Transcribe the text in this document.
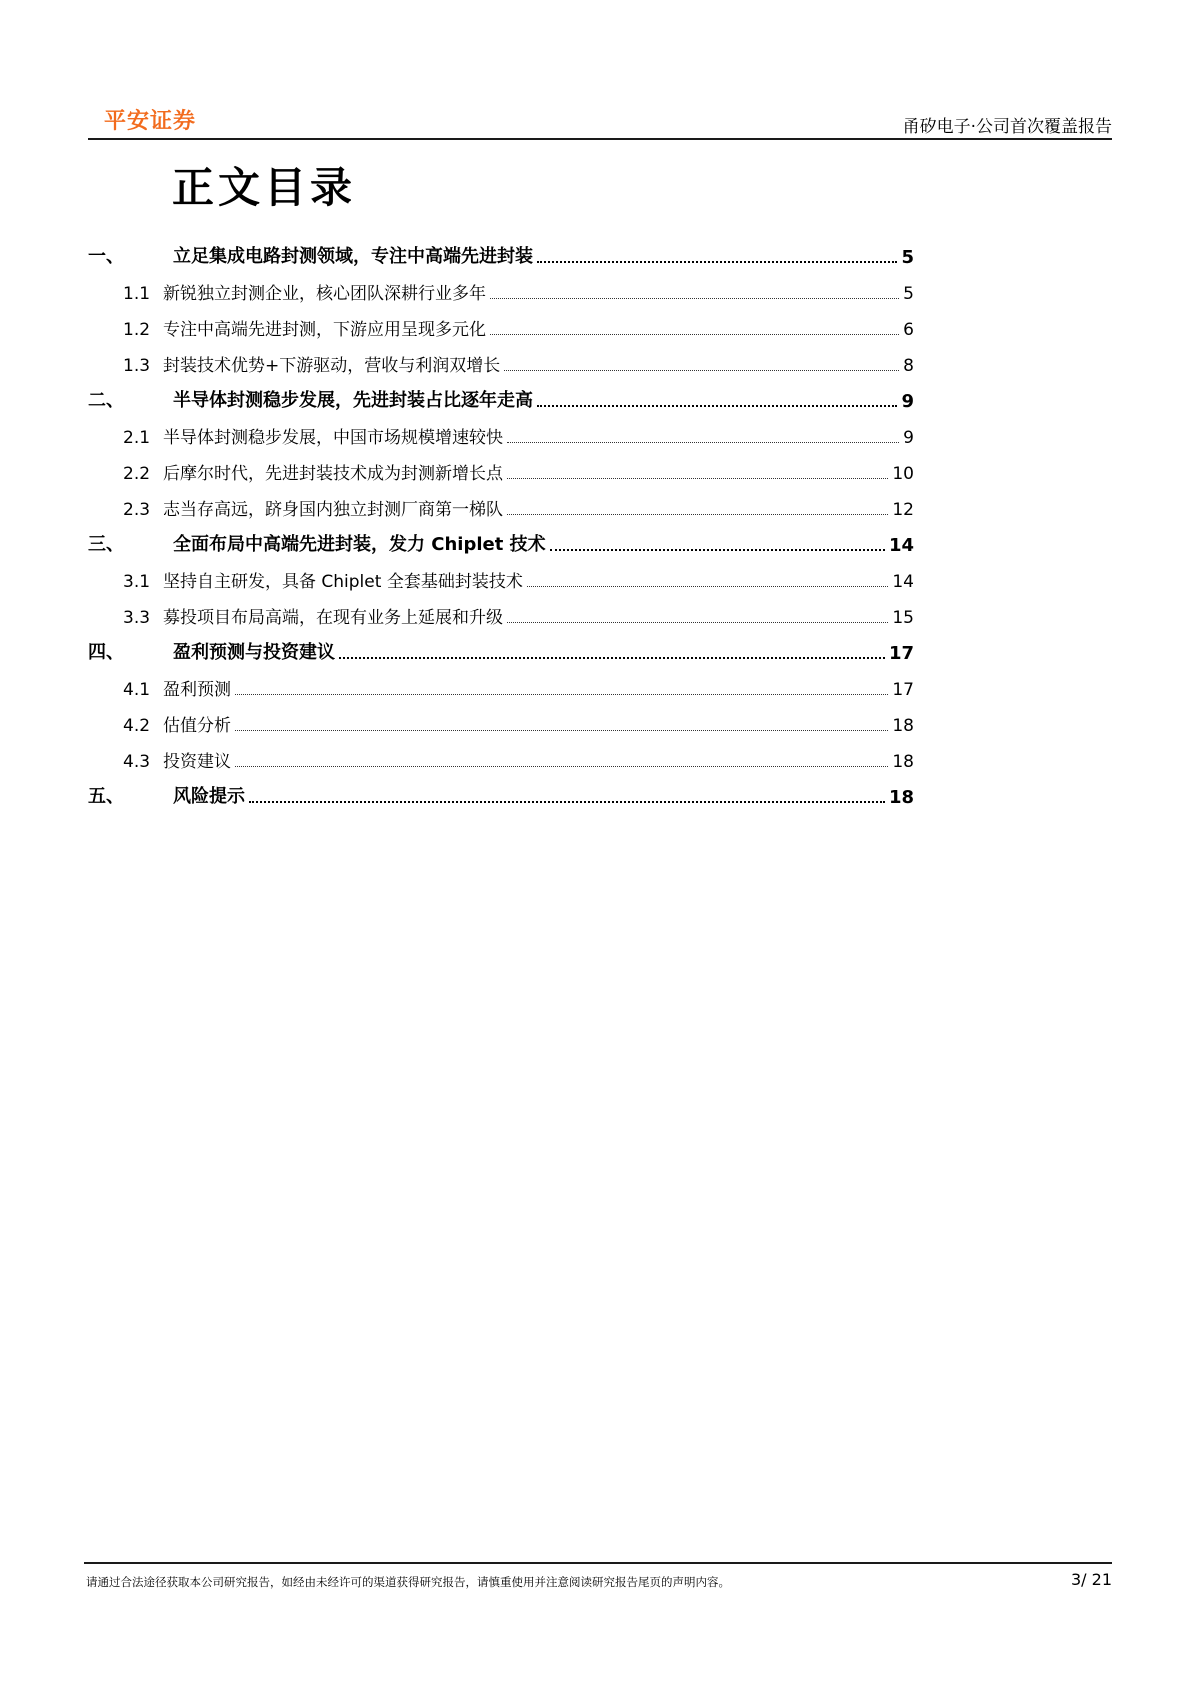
平安证券	甬矽电子·公司首次覆盖报告
正文目录
一、	立足集成电路封测领域，专注中高端先进封装	5
1.1 新锐独立封测企业，核心团队深耕行业多年	5
1.2 专注中高端先进封测，下游应用呈现多元化	6
1.3 封装技术优势+下游驱动，营收与利润双增长	8
二、	半导体封测稳步发展，先进封装占比逐年走高	9
2.1 半导体封测稳步发展，中国市场规模增速较快	9
2.2 后摩尔时代，先进封装技术成为封测新增长点	10
2.3 志当存高远，跻身国内独立封测厂商第一梯队	12
三、	全面布局中高端先进封装，发力 Chiplet 技术	14
3.1 坚持自主研发，具备 Chiplet 全套基础封装技术	14
3.3 募投项目布局高端，在现有业务上延展和升级	15
四、	盈利预测与投资建议	17
4.1 盈利预测	17
4.2 估值分析	18
4.3 投资建议	18
五、	风险提示	18
请通过合法途径获取本公司研究报告，如经由未经许可的渠道获得研究报告，请慎重使用并注意阅读研究报告尾页的声明内容。	3/ 21
